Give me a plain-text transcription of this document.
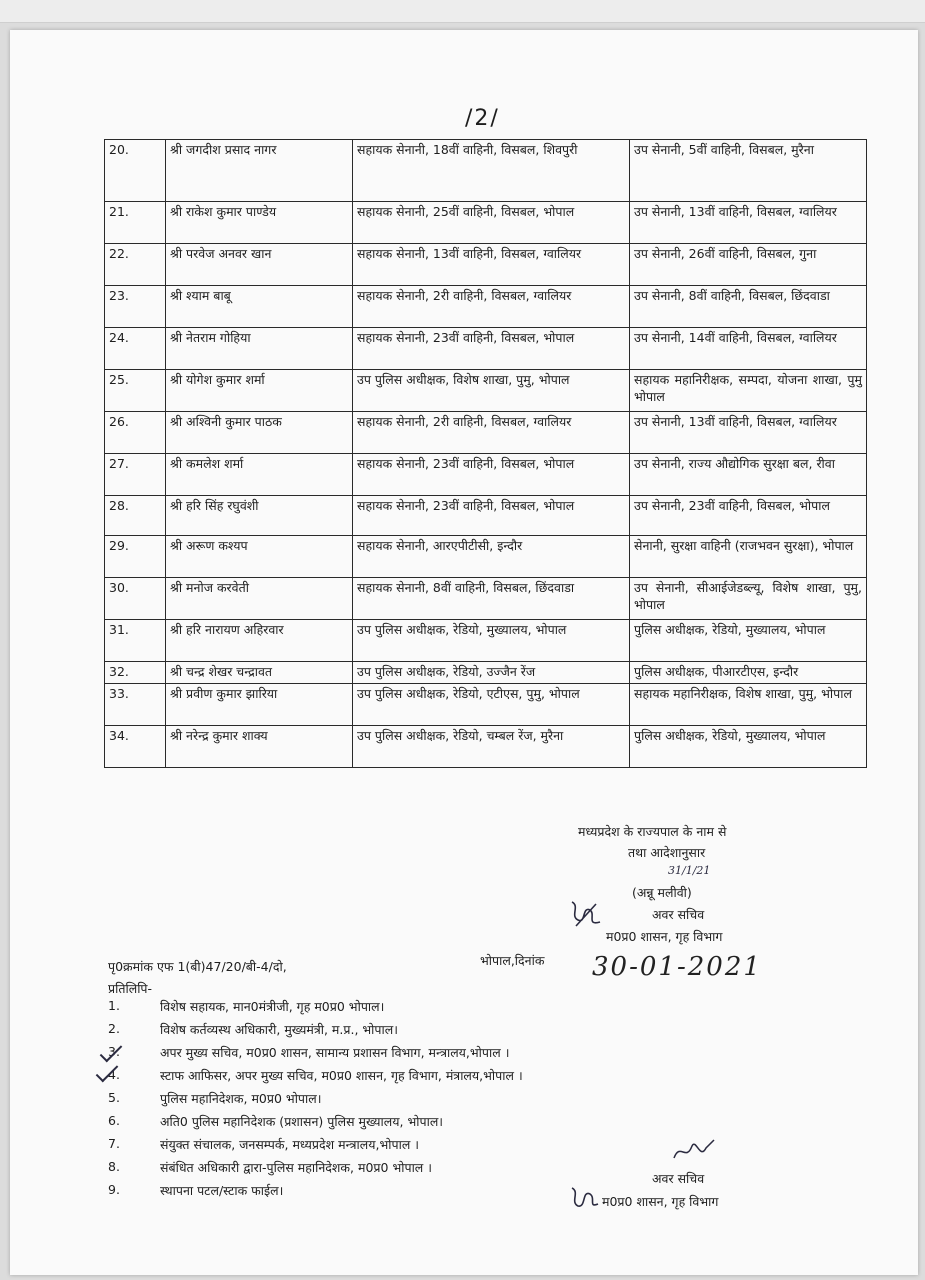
/2/
20.	श्री जगदीश प्रसाद नागर	सहायक सेनानी, 18वीं वाहिनी, विसबल, शिवपुरी	उप सेनानी, 5वीं वाहिनी, विसबल, मुरैना
21.	श्री राकेश कुमार पाण्डेय	सहायक सेनानी, 25वीं वाहिनी, विसबल, भोपाल	उप सेनानी, 13वीं वाहिनी, विसबल, ग्वालियर
22.	श्री परवेज अनवर खान	सहायक सेनानी, 13वीं वाहिनी, विसबल, ग्वालियर	उप सेनानी, 26वीं वाहिनी, विसबल, गुना
23.	श्री श्याम बाबू	सहायक सेनानी, 2री वाहिनी, विसबल, ग्वालियर	उप सेनानी, 8वीं वाहिनी, विसबल, छिंदवाडा
24.	श्री नेतराम गोहिया	सहायक सेनानी, 23वीं वाहिनी, विसबल, भोपाल	उप सेनानी, 14वीं वाहिनी, विसबल, ग्वालियर
25.	श्री योगेश कुमार शर्मा	उप पुलिस अधीक्षक, विशेष शाखा, पुमु, भोपाल	सहायक महानिरीक्षक, सम्पदा, योजना शाखा, पुमु भोपाल
26.	श्री अश्विनी कुमार पाठक	सहायक सेनानी, 2री वाहिनी, विसबल, ग्वालियर	उप सेनानी, 13वीं वाहिनी, विसबल, ग्वालियर
27.	श्री कमलेश शर्मा	सहायक सेनानी, 23वीं वाहिनी, विसबल, भोपाल	उप सेनानी, राज्य औद्योगिक सुरक्षा बल, रीवा
28.	श्री हरि सिंह रघुवंशी	सहायक सेनानी, 23वीं वाहिनी, विसबल, भोपाल	उप सेनानी, 23वीं वाहिनी, विसबल, भोपाल
29.	श्री अरूण कश्यप	सहायक सेनानी, आरएपीटीसी, इन्दौर	सेनानी, सुरक्षा वाहिनी (राजभवन सुरक्षा), भोपाल
30.	श्री मनोज करवेती	सहायक सेनानी, 8वीं वाहिनी, विसबल, छिंदवाडा	उप सेनानी, सीआईजेडब्ल्यू, विशेष शाखा, पुमु, भोपाल
31.	श्री हरि नारायण अहिरवार	उप पुलिस अधीक्षक, रेडियो, मुख्यालय, भोपाल	पुलिस अधीक्षक, रेडियो, मुख्यालय, भोपाल
32.	श्री चन्द्र शेखर चन्द्रावत	उप पुलिस अधीक्षक, रेडियो, उज्जैन रेंज	पुलिस अधीक्षक, पीआरटीएस, इन्दौर
33.	श्री प्रवीण कुमार झारिया	उप पुलिस अधीक्षक, रेडियो, एटीएस, पुमु, भोपाल	सहायक महानिरीक्षक, विशेष शाखा, पुमु, भोपाल
34.	श्री नरेन्द्र कुमार शाक्य	उप पुलिस अधीक्षक, रेडियो, चम्बल रेंज, मुरैना	पुलिस अधीक्षक, रेडियो, मुख्यालय, भोपाल
मध्यप्रदेश के राज्यपाल के नाम से
तथा आदेशानुसार
31/1/21
(अन्नू मलीवी)
अवर सचिव
म0प्र0 शासन, गृह विभाग
पृ0क्रमांक एफ 1(बी)47/20/बी-4/दो,	भोपाल,दिनांक 30-01-2021
प्रतिलिपि-
1.	विशेष सहायक, मान0मंत्रीजी, गृह म0प्र0 भोपाल।
2.	विशेष कर्तव्यस्थ अधिकारी, मुख्यमंत्री, म.प्र., भोपाल।
3.	अपर मुख्य सचिव, म0प्र0 शासन, सामान्य प्रशासन विभाग, मन्त्रालय,भोपाल ।
4.	स्टाफ आफिसर, अपर मुख्य सचिव, म0प्र0 शासन, गृह विभाग, मंत्रालय,भोपाल ।
5.	पुलिस महानिदेशक, म0प्र0 भोपाल।
6.	अति0 पुलिस महानिदेशक (प्रशासन) पुलिस मुख्यालय, भोपाल।
7.	संयुक्त संचालक, जनसम्पर्क, मध्यप्रदेश मन्त्रालय,भोपाल ।
8.	संबंधित अधिकारी द्वारा-पुलिस महानिदेशक, म0प्र0 भोपाल ।
9.	स्थापना पटल/स्टाक फाईल।
अवर सचिव
म0प्र0 शासन, गृह विभाग
